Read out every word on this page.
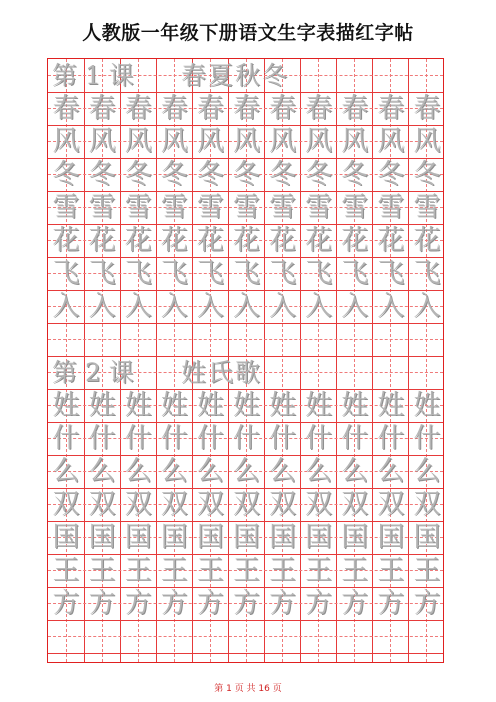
人教版一年级下册语文生字表描红字帖
第 1 课 春夏秋冬
春 春 春 春 春 春 春 春 春 春 春
风 风 风 风 风 风 风 风 风 风 风
冬 冬 冬 冬 冬 冬 冬 冬 冬 冬 冬
雪 雪 雪 雪 雪 雪 雪 雪 雪 雪 雪
花 花 花 花 花 花 花 花 花 花 花
飞 飞 飞 飞 飞 飞 飞 飞 飞 飞 飞
入 入 入 入 入 入 入 入 入 入 入
第 2 课 姓氏歌
姓 姓 姓 姓 姓 姓 姓 姓 姓 姓 姓
什 什 什 什 什 什 什 什 什 什 什
么 么 么 么 么 么 么 么 么 么 么
双 双 双 双 双 双 双 双 双 双 双
国 国 国 国 国 国 国 国 国 国 国
王 王 王 王 王 王 王 王 王 王 王
方 方 方 方 方 方 方 方 方 方 方
第 1 页 共 16 页
